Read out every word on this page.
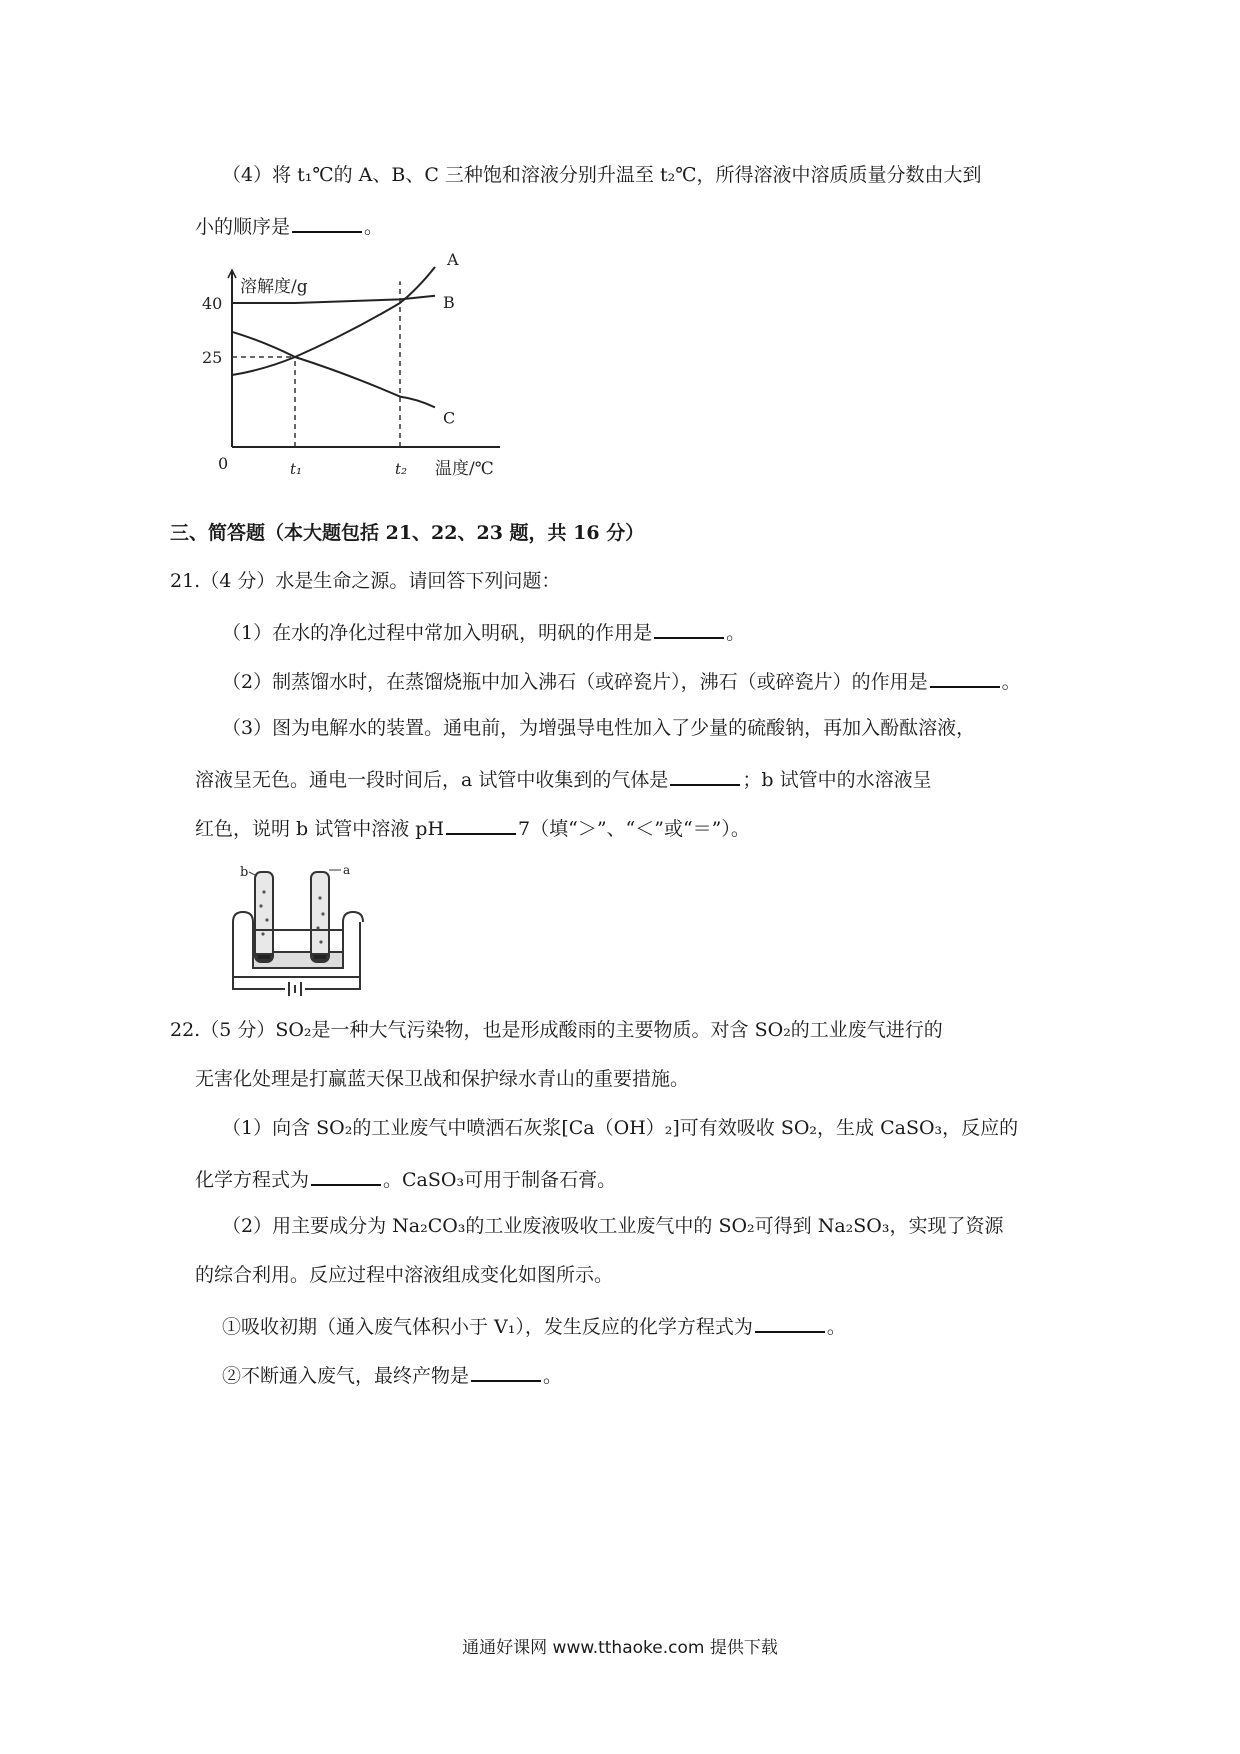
（4）将 t₁℃的 A、B、C 三种饱和溶液分别升温至 t₂℃，所得溶液中溶质质量分数由大到
小的顺序是	。
溶解度/g
温度/℃
0
40
25
t₁	t₂
A
B
C
三、简答题（本大题包括 21、22、23 题，共 16 分）
21.（4 分）水是生命之源。请回答下列问题：
（1）在水的净化过程中常加入明矾，明矾的作用是	。
（2）制蒸馏水时，在蒸馏烧瓶中加入沸石（或碎瓷片），沸石（或碎瓷片）的作用是	。
（3）图为电解水的装置。通电前，为增强导电性加入了少量的硫酸钠，再加入酚酞溶液，
溶液呈无色。通电一段时间后，a 试管中收集到的气体是	；b 试管中的水溶液呈
红色，说明 b 试管中溶液 pH	7（填“＞”、“＜”或“＝”）。
b	a
22.（5 分）SO₂是一种大气污染物，也是形成酸雨的主要物质。对含 SO₂的工业废气进行的
无害化处理是打赢蓝天保卫战和保护绿水青山的重要措施。
（1）向含 SO₂的工业废气中喷洒石灰浆[Ca（OH）₂]可有效吸收 SO₂，生成 CaSO₃，反应的
化学方程式为	。CaSO₃可用于制备石膏。
（2）用主要成分为 Na₂CO₃的工业废液吸收工业废气中的 SO₂可得到 Na₂SO₃，实现了资源
的综合利用。反应过程中溶液组成变化如图所示。
①吸收初期（通入废气体积小于 V₁），发生反应的化学方程式为	。
②不断通入废气，最终产物是	。
通通好课网 www.tthaoke.com 提供下载
